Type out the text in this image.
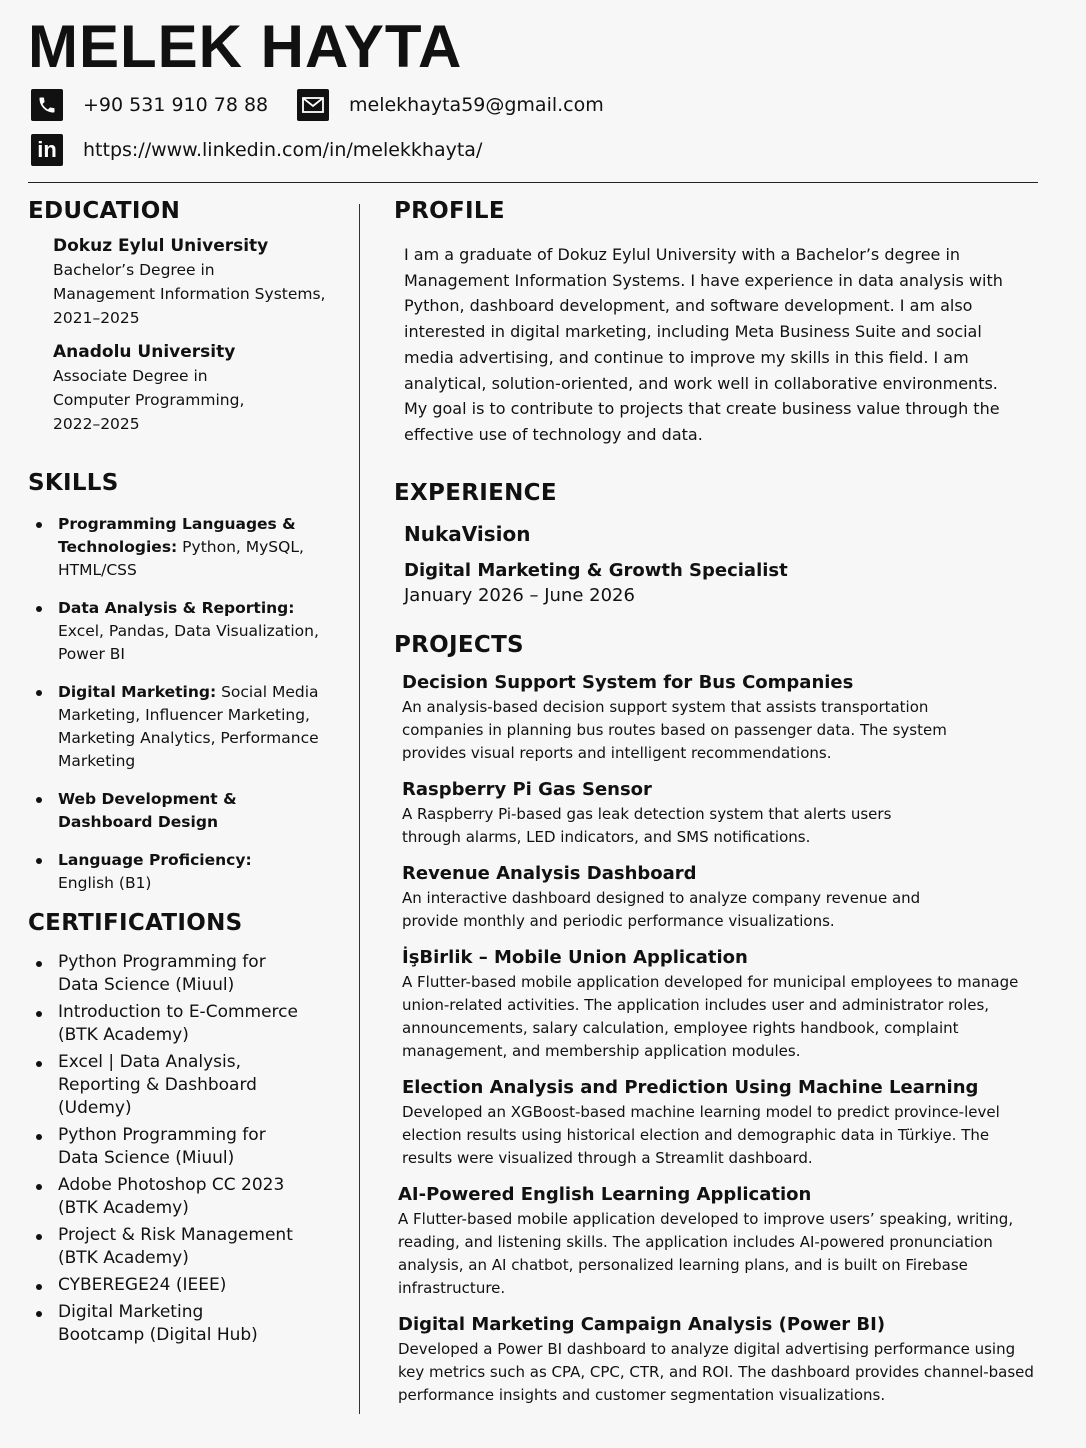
MELEK HAYTA
+90 531 910 78 88	melekhayta59@gmail.com
in https://www.linkedin.com/in/melekkhayta/
EDUCATION
Dokuz Eylul University
Bachelor’s Degree in
Management Information Systems,
2021–2025
Anadolu University
Associate Degree in
Computer Programming,
2022–2025
SKILLS
Programming Languages & Technologies: Python, MySQL, HTML/CSS
Data Analysis & Reporting: Excel, Pandas, Data Visualization, Power BI
Digital Marketing: Social Media Marketing, Influencer Marketing, Marketing Analytics, Performance Marketing
Web Development & Dashboard Design
Language Proficiency: English (B1)
CERTIFICATIONS
Python Programming for Data Science (Miuul)
Introduction to E-Commerce (BTK Academy)
Excel | Data Analysis, Reporting & Dashboard (Udemy)
Python Programming for Data Science (Miuul)
Adobe Photoshop CC 2023 (BTK Academy)
Project & Risk Management (BTK Academy)
CYBEREGE24 (IEEE)
Digital Marketing Bootcamp (Digital Hub)
PROFILE

I am a graduate of Dokuz Eylul University with a Bachelor’s degree in Management Information Systems. I have experience in data analysis with Python, dashboard development, and software development. I am also interested in digital marketing, including Meta Business Suite and social media advertising, and continue to improve my skills in this field. I am analytical, solution-oriented, and work well in collaborative environments. My goal is to contribute to projects that create business value through the effective use of technology and data.

EXPERIENCE
NukaVision
Digital Marketing & Growth Specialist
January 2026 – June 2026
PROJECTS
Decision Support System for Bus Companies
An analysis-based decision support system that assists transportation companies in planning bus routes based on passenger data. The system provides visual reports and intelligent recommendations.
Raspberry Pi Gas Sensor
A Raspberry Pi-based gas leak detection system that alerts users through alarms, LED indicators, and SMS notifications.
Revenue Analysis Dashboard
An interactive dashboard designed to analyze company revenue and provide monthly and periodic performance visualizations.
İşBirlik – Mobile Union Application
A Flutter-based mobile application developed for municipal employees to manage union-related activities. The application includes user and administrator roles, announcements, salary calculation, employee rights handbook, complaint management, and membership application modules.
Election Analysis and Prediction Using Machine Learning
Developed an XGBoost-based machine learning model to predict province-level election results using historical election and demographic data in Türkiye. The results were visualized through a Streamlit dashboard.
AI-Powered English Learning Application
A Flutter-based mobile application developed to improve users’ speaking, writing, reading, and listening skills. The application includes AI-powered pronunciation analysis, an AI chatbot, personalized learning plans, and is built on Firebase infrastructure.
Digital Marketing Campaign Analysis (Power BI)
Developed a Power BI dashboard to analyze digital advertising performance using key metrics such as CPA, CPC, CTR, and ROI. The dashboard provides channel-based performance insights and customer segmentation visualizations.
